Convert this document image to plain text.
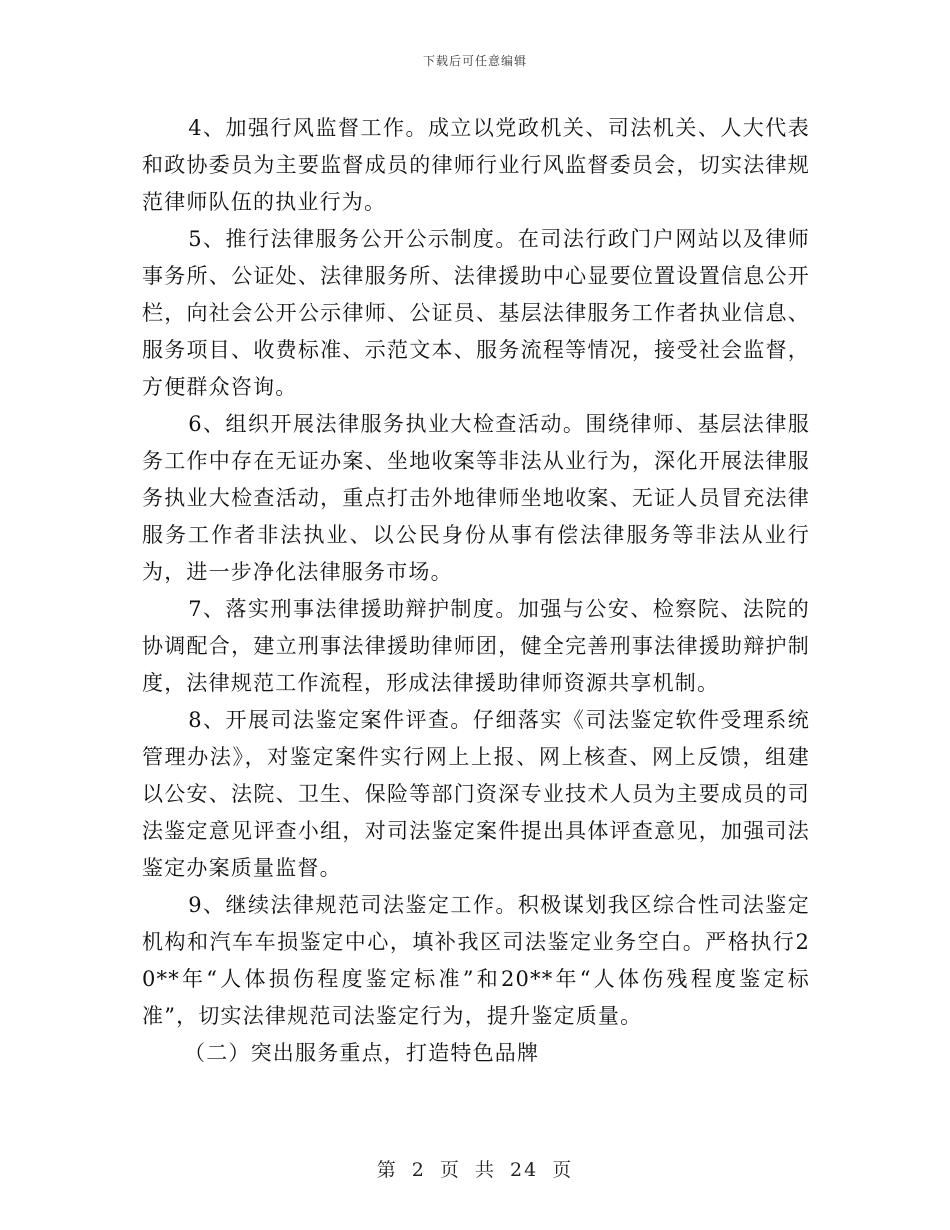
下载后可任意编辑

4、加强行风监督工作。成立以党政机关、司法机关、人大代表和政协委员为主要监督成员的律师行业行风监督委员会，切实法律规范律师队伍的执业行为。

5、推行法律服务公开公示制度。在司法行政门户网站以及律师事务所、公证处、法律服务所、法律援助中心显要位置设置信息公开栏，向社会公开公示律师、公证员、基层法律服务工作者执业信息、服务项目、收费标准、示范文本、服务流程等情况，接受社会监督，方便群众咨询。

6、组织开展法律服务执业大检查活动。围绕律师、基层法律服务工作中存在无证办案、坐地收案等非法从业行为，深化开展法律服务执业大检查活动，重点打击外地律师坐地收案、无证人员冒充法律服务工作者非法执业、以公民身份从事有偿法律服务等非法从业行为，进一步净化法律服务市场。

7、落实刑事法律援助辩护制度。加强与公安、检察院、法院的协调配合，建立刑事法律援助律师团，健全完善刑事法律援助辩护制度，法律规范工作流程，形成法律援助律师资源共享机制。

8、开展司法鉴定案件评查。仔细落实《司法鉴定软件受理系统管理办法》，对鉴定案件实行网上上报、网上核查、网上反馈，组建以公安、法院、卫生、保险等部门资深专业技术人员为主要成员的司法鉴定意见评查小组，对司法鉴定案件提出具体评查意见，加强司法鉴定办案质量监督。

9、继续法律规范司法鉴定工作。积极谋划我区综合性司法鉴定机构和汽车车损鉴定中心，填补我区司法鉴定业务空白。严格执行20**年“人体损伤程度鉴定标准”和20**年“人体伤残程度鉴定标准”，切实法律规范司法鉴定行为，提升鉴定质量。

（二）突出服务重点，打造特色品牌

第 2 页 共 24 页
